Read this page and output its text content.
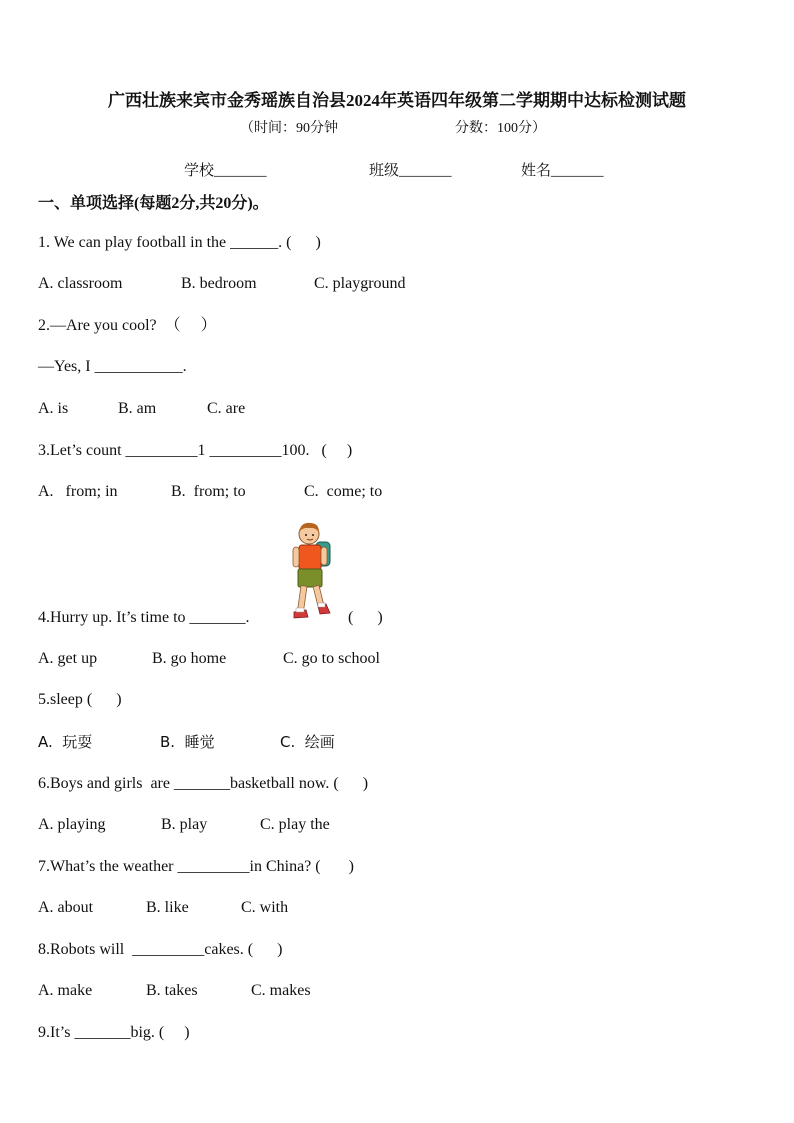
广西壮族来宾市金秀瑶族自治县2024年英语四年级第二学期期中达标检测试题
（时间：90分钟	分数：100分）
学校_______	班级_______	姓名_______
一、单项选择(每题2分,共20分)。
1. We can play football in the ______. (      )
A. classroom	B. bedroom	C. playground
2.—Are you cool?  （     ）
—Yes, I ___________.
A. is	B. am	C. are
3.Let’s count _________1 _________100.   (     )
A.   from; in	B.  from; to	C.  come; to
4.Hurry up. It’s time to _______.	(      )
A. get up	B. go home	C. go to school
5.sleep (      )
A.  玩耍	B.  睡觉	C.  绘画
6.Boys and girls  are _______basketball now. (      )
A. playing	B. play	C. play the
7.What’s the weather _________in China? (       )
A. about	B. like	C. with
8.Robots will  _________cakes. (      )
A. make	B. takes	C. makes
9.It’s _______big. (     )
